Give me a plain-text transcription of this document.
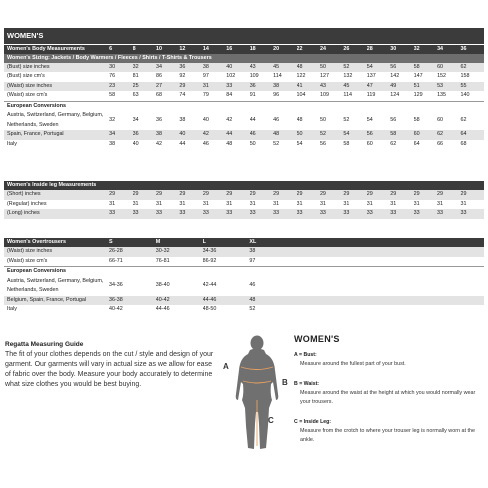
WOMEN'S
Women's Body Measurements	6	8	10	12	14	16	18	20	22	24	26	28	30	32	34	36
Women's Sizing: Jackets / Body Warmers / Fleeces / Shirts / T-Shirts & Trousers																
(Bust) size inches	30	32	34	36	38	40	43	45	48	50	52	54	56	58	60	62
(Bust) size cm's	76	81	86	92	97	102	109	114	122	127	132	137	142	147	152	158
(Waist) size inches	23	25	27	29	31	33	36	38	41	43	45	47	49	51	53	55
(Waist) size cm's	58	63	68	74	79	84	91	96	104	109	114	119	124	129	135	140
European Conversions																
Austria, Switzerland, Germany, Belgium, Netherlands, Sweden	32	34	36	38	40	42	44	46	48	50	52	54	56	58	60	62
Spain, France, Portugal	34	36	38	40	42	44	46	48	50	52	54	56	58	60	62	64
Italy	38	40	42	44	46	48	50	52	54	56	58	60	62	64	66	68
Women's Inside leg Measurements																
(Short) inches	29	29	29	29	29	29	29	29	29	29	29	29	29	29	29	29
(Regular) inches	31	31	31	31	31	31	31	31	31	31	31	31	31	31	31	31
(Long) inches	33	33	33	33	33	33	33	33	33	33	33	33	33	33	33	33
Women's Overtrousers	S	M	L	XL	
(Waist) size inches	26-28	30-32	34-36	38	
(Waist) size cm's	66-71	76-81	86-92	97	
European Conversions					
Austria, Switzerland, Germany, Belgium, Netherlands, Sweden	34-36	38-40	42-44	46	
Belgium, Spain, France, Portugal	36-38	40-42	44-46	48	
Italy	40-42	44-46	48-50	52	
Regatta Measuring Guide
The fit of your clothes depends on the cut / style and design of your garment. Our garments will vary in actual size as we allow for ease of fabric over the body. Measure your body accurately to determine what size clothes you would be best buying.
A
B
C
WOMEN'S
A = Bust:
Measure around the fullest part of your bust.
B = Waist:
Measure around the waist at the height at which you would normally wear your trousers.
C = Inside Leg:
Measure from the crotch to where your trouser leg is normally worn at the ankle.
